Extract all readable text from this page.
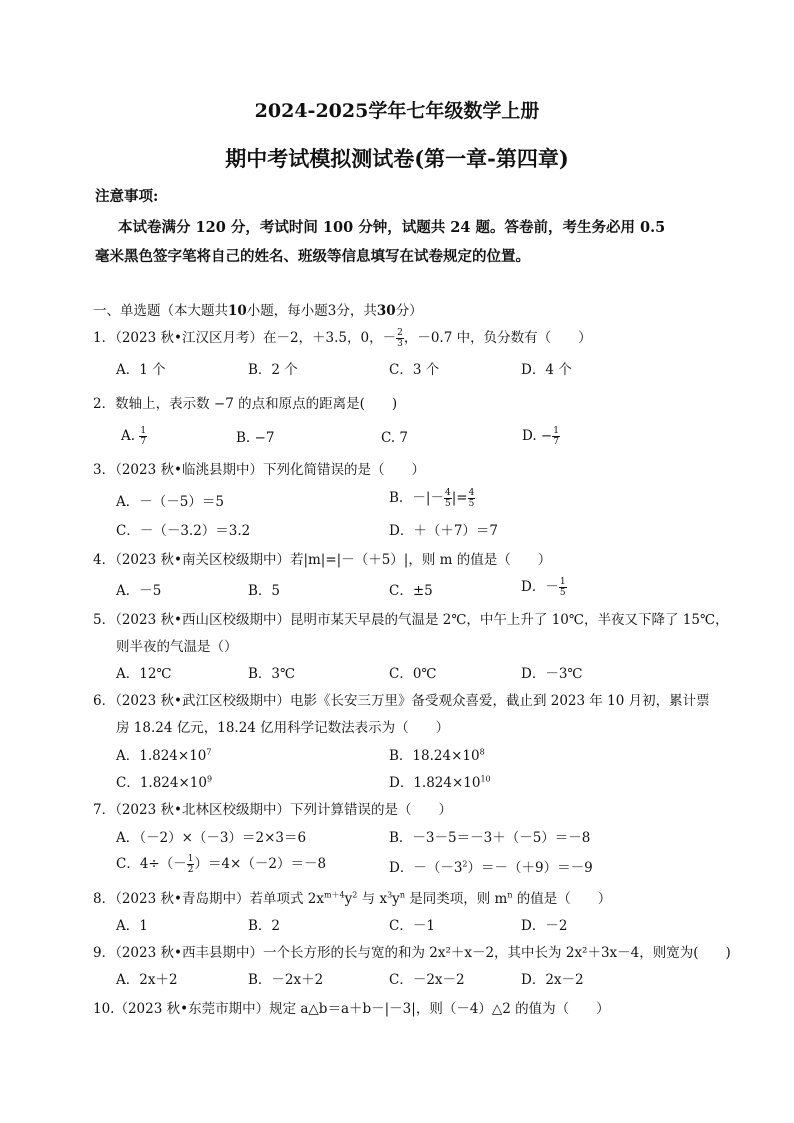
2024-2025学年七年级数学上册
期中考试模拟测试卷(第一章-第四章)
注意事项:
本试卷满分 120 分，考试时间 100 分钟，试题共 24 题。答卷前，考生务必用 0.5
毫米黑色签字笔将自己的姓名、班级等信息填写在试卷规定的位置。
一、单选题（本大题共10小题，每小题3分，共30分）
1．（2023 秋•江汉区月考）在－2，＋3.5，0，－ $\frac{2}{3}$ ，－0.7 中，负分数有（　　）
A．1 个	B．2 个	C．3 个	D．4 个
2．数轴上，表示数 −7 的点和原点的距离是(　　)
A. $\frac{1}{7}$	B. −7	C. 7	D. − $\frac{1}{7}$
3．（2023 秋•临洮县期中）下列化简错误的是（　　）
A．－（－5）＝5	B．－|－ $\frac{4}{5}$ |= $\frac{4}{5}$
C．－（－3.2）＝3.2	D．＋（＋7）＝7
4．（2023 秋•南关区校级期中）若|m|=|－（＋5）|，则 m 的值是（　　）
A．－5	B．5	C．±5	D．－ $\frac{1}{5}$
5．（2023 秋•西山区校级期中）昆明市某天早晨的气温是 2℃，中午上升了 10℃，半夜又下降了 15℃，
则半夜的气温是（）
A．12℃	B．3℃	C．0℃	D．－3℃
6．（2023 秋•武江区校级期中）电影《长安三万里》备受观众喜爱，截止到 2023 年 10 月初，累计票
房 18.24 亿元，18.24 亿用科学记数法表示为（　　）
A．$1.824\times 10^7$	B．$18.24\times 10^8$
C．$1.824\times 10^9$	D．$1.824\times 10^{10}$
7．（2023 秋•北林区校级期中）下列计算错误的是（　　）
A．（－2）×（－3）＝2×3＝6	B．－3－5＝－3＋（－5）＝－8
C．$4\div(- \frac{1}{2} )=4\times(-2)=-8$	D．$-(-3^2)=-(+9)=-9$
8．（2023 秋•青岛期中）若单项式 $2x^{m+4}y^2$ 与 $x^3y^n$ 是同类项，则 $m^n$ 的值是（　　）
A．1	B．2	C．－1	D．－2
9．（2023 秋•西丰县期中）一个长方形的长与宽的和为 2x²＋x－2，其中长为 2x²＋3x－4，则宽为(　　)
A．2x＋2	B．－2x＋2	C．－2x－2	D．2x－2
10.（2023 秋•东莞市期中）规定 a△b＝a＋b－|－3|，则（－4）△2 的值为（　　）
